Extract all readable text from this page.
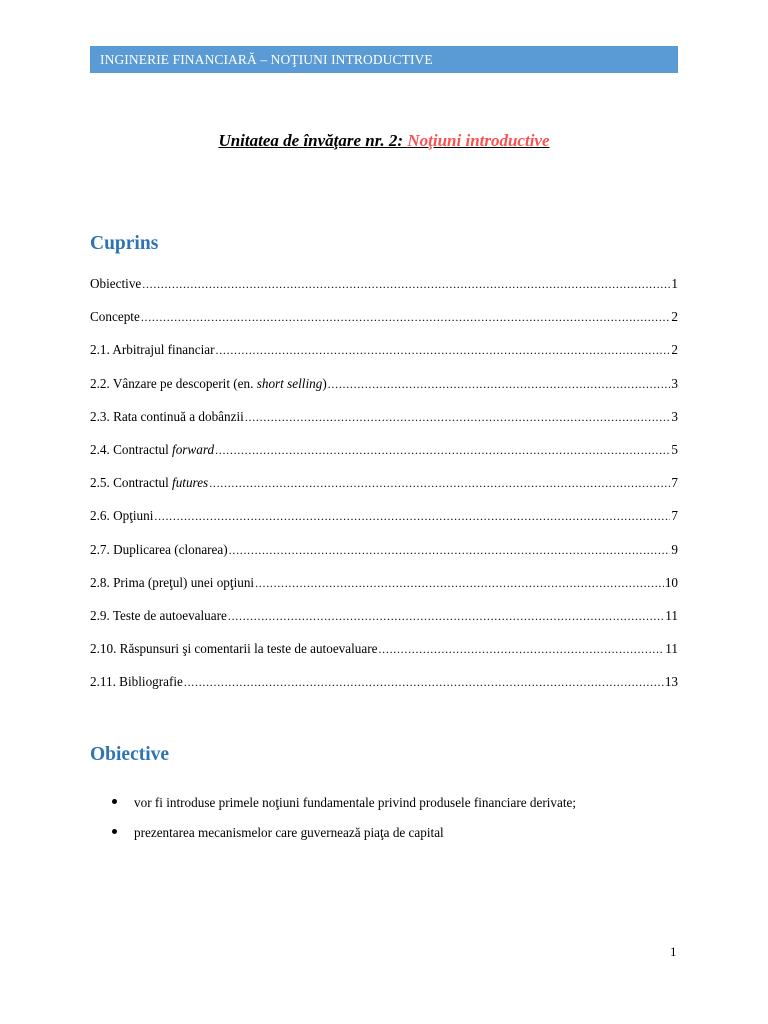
INGINERIE FINANCIARĂ – NOŢIUNI INTRODUCTIVE
Unitatea de învăţare nr. 2: Noţiuni introductive
Cuprins
Obiective . . .	1
Concepte . . .	2
2.1. Arbitrajul financiar . . .	2
2.2. Vânzare pe descoperit (en. short selling) . . .	3
2.3. Rata continuă a dobânzii . . .	3
2.4. Contractul forward . . .	5
2.5. Contractul futures . . .	7
2.6. Opţiuni . . .	7
2.7. Duplicarea (clonarea) . . .	9
2.8. Prima (preţul) unei opţiuni . . .	10
2.9. Teste de autoevaluare . . .	11
2.10. Răspunsuri şi comentarii la teste de autoevaluare . . .	11
2.11. Bibliografie . . .	13
Obiective
vor fi introduse primele noţiuni fundamentale privind produsele financiare derivate;
prezentarea mecanismelor care guvernează piaţa de capital
1
